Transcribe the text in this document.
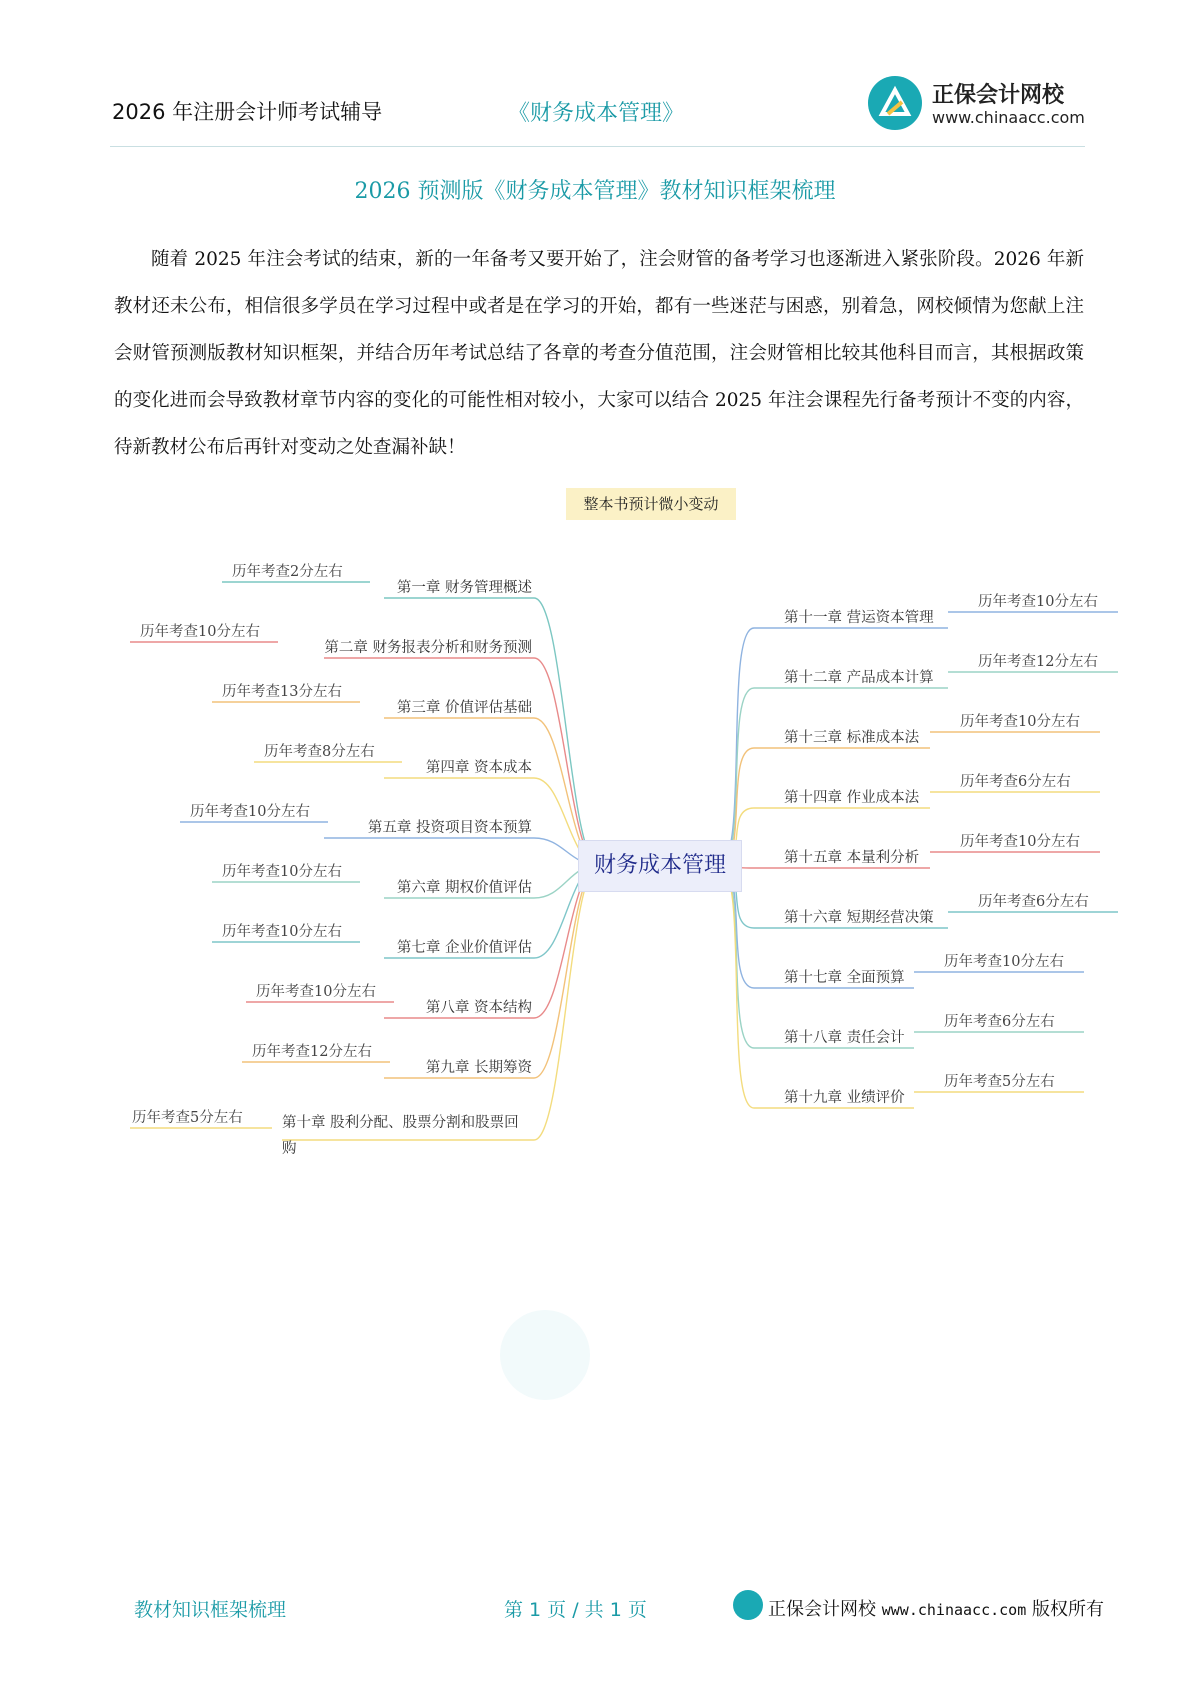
2026 年注册会计师考试辅导	《财务成本管理》
正保会计网校
www.chinaacc.com
2026 预测版《财务成本管理》教材知识框架梳理

随着 2025 年注会考试的结束，新的一年备考又要开始了，注会财管的备考学习也逐渐进入紧张阶段。2026 年新教材还未公布，相信很多学员在学习过程中或者是在学习的开始，都有一些迷茫与困惑，别着急，网校倾情为您献上注会财管预测版教材知识框架，并结合历年考试总结了各章的考查分值范围，注会财管相比较其他科目而言，其根据政策的变化进而会导致教材章节内容的变化的可能性相对较小，大家可以结合 2025 年注会课程先行备考预计不变的内容，待新教材公布后再针对变动之处查漏补缺！

整本书预计微小变动
第一章 财务管理概述
历年考查2分左右
第二章 财务报表分析和财务预测
历年考查10分左右
第三章 价值评估基础
历年考查13分左右
第四章 资本成本
历年考查8分左右
第五章 投资项目资本预算
历年考查10分左右
第六章 期权价值评估
历年考查10分左右
第七章 企业价值评估
历年考查10分左右
第八章 资本结构
历年考查10分左右
第九章 长期筹资
历年考查12分左右
第十章 股利分配、股票分割和股票回购
历年考查5分左右
第十一章 营运资本管理
历年考查10分左右
第十二章 产品成本计算
历年考查12分左右
第十三章 标准成本法
历年考查10分左右
第十四章 作业成本法
历年考查6分左右
第十五章 本量利分析
历年考查10分左右
第十六章 短期经营决策
历年考查6分左右
第十七章 全面预算
历年考查10分左右
第十八章 责任会计
历年考查6分左右
第十九章 业绩评价
历年考查5分左右
财务成本管理
教材知识框架梳理	第 1 页 / 共 1 页	正保会计网校 www.chinaacc.com 版权所有
